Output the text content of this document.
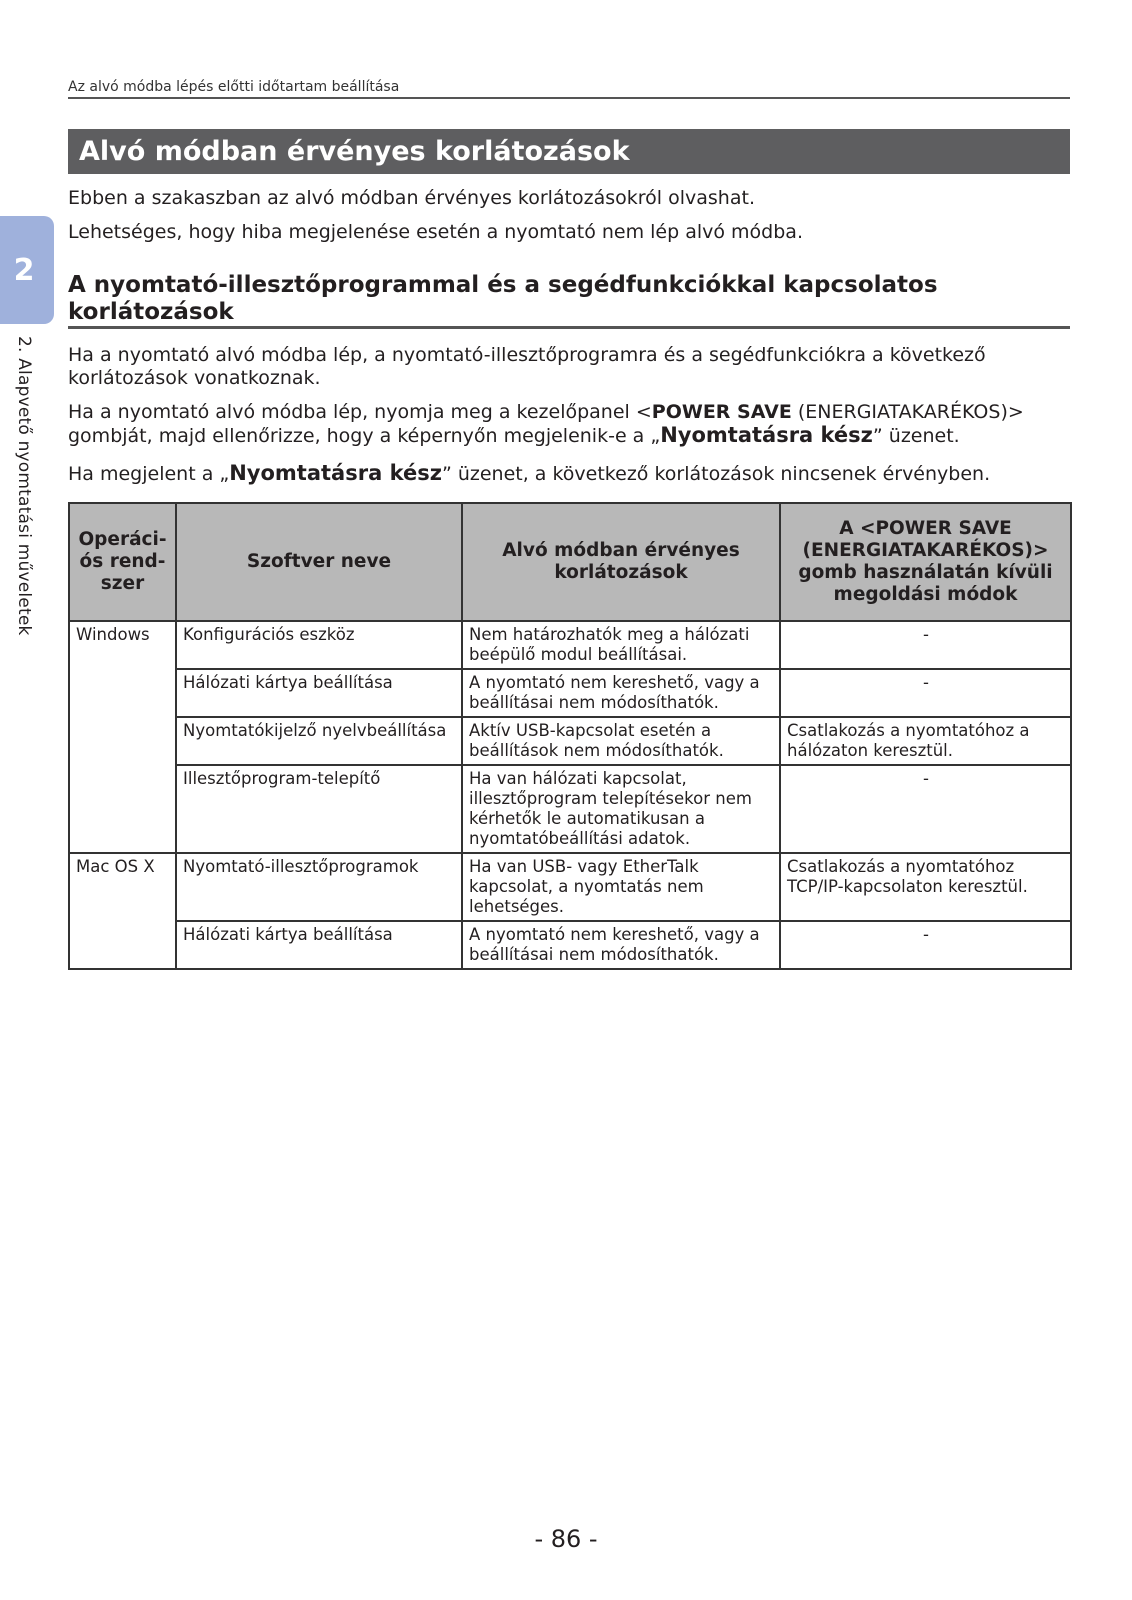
Az alvó módba lépés előtti időtartam beállítása
Alvó módban érvényes korlátozások
2
2. Alapvető nyomtatási műveletek

Ebben a szakaszban az alvó módban érvényes korlátozásokról olvashat.

Lehetséges, hogy hiba megjelenése esetén a nyomtató nem lép alvó módba.

A nyomtató-illesztőprogrammal és a segédfunkciókkal kapcsolatos korlátozások

Ha a nyomtató alvó módba lép, a nyomtató-illesztőprogramra és a segédfunkciókra a következő korlátozások vonatkoznak.

Ha a nyomtató alvó módba lép, nyomja meg a kezelőpanel <POWER SAVE (ENERGIATAKARÉKOS)> gombját, majd ellenőrizze, hogy a képernyőn megjelenik-e a „Nyomtatásra kész” üzenet.

Ha megjelent a „Nyomtatásra kész” üzenet, a következő korlátozások nincsenek érvényben.

Operáci-ós rend-szer	Szoftver neve	Alvó módban érvényes korlátozások	A <POWER SAVE (ENERGIATAKARÉKOS)> gomb használatán kívüli megoldási módok
Windows	Konfigurációs eszköz	Nem határozhatók meg a hálózati beépülő modul beállításai.	-
	Hálózati kártya beállítása	A nyomtató nem kereshető, vagy a beállításai nem módosíthatók.	-
	Nyomtatókijelző nyelvbeállítása	Aktív USB-kapcsolat esetén a beállítások nem módosíthatók.	Csatlakozás a nyomtatóhoz a hálózaton keresztül.
	Illesztőprogram-telepítő	Ha van hálózati kapcsolat, illesztőprogram telepítésekor nem kérhetők le automatikusan a nyomtatóbeállítási adatok.	-
Mac OS X	Nyomtató-illesztőprogramok	Ha van USB- vagy EtherTalk kapcsolat, a nyomtatás nem lehetséges.	Csatlakozás a nyomtatóhoz TCP/IP-kapcsolaton keresztül.
	Hálózati kártya beállítása	A nyomtató nem kereshető, vagy a beállításai nem módosíthatók.	-
- 86 -
